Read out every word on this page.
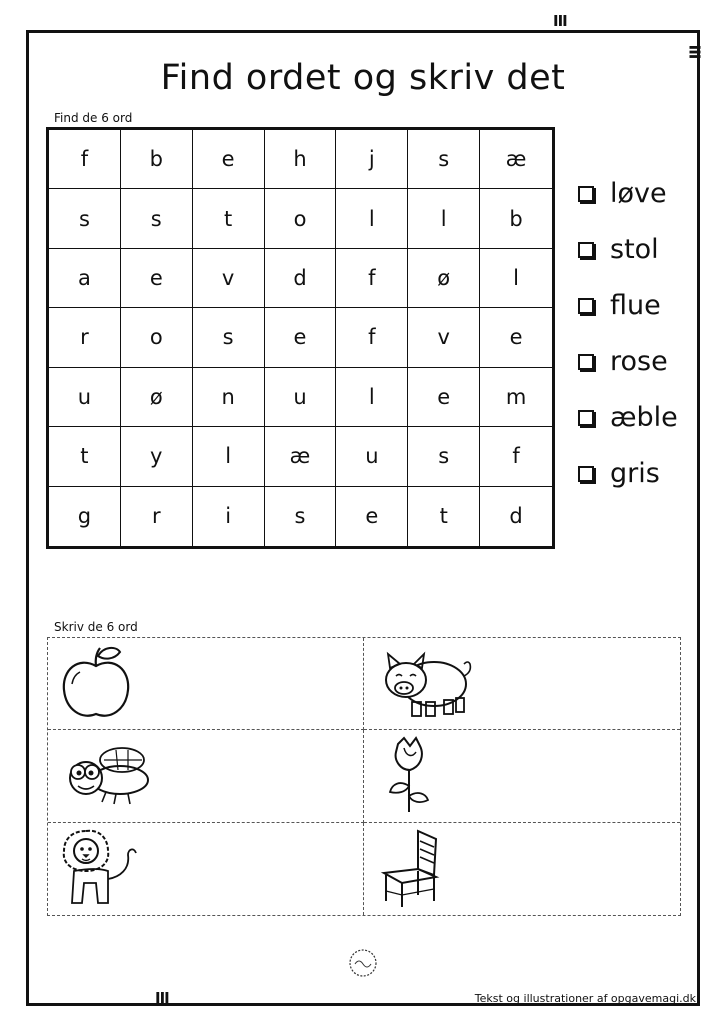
III
III
III
Find ordet og skriv det
Find de 6 ord
f	b	e	h	j	s	æ
s	s	t	o	l	l	b
a	e	v	d	f	ø	l
r	o	s	e	f	v	e
u	ø	n	u	l	e	m
t	y	l	æ	u	s	f
g	r	i	s	e	t	d
løve
stol
flue
rose
æble
gris
Skriv de 6 ord
Tekst og illustrationer af opgavemagi.dk
